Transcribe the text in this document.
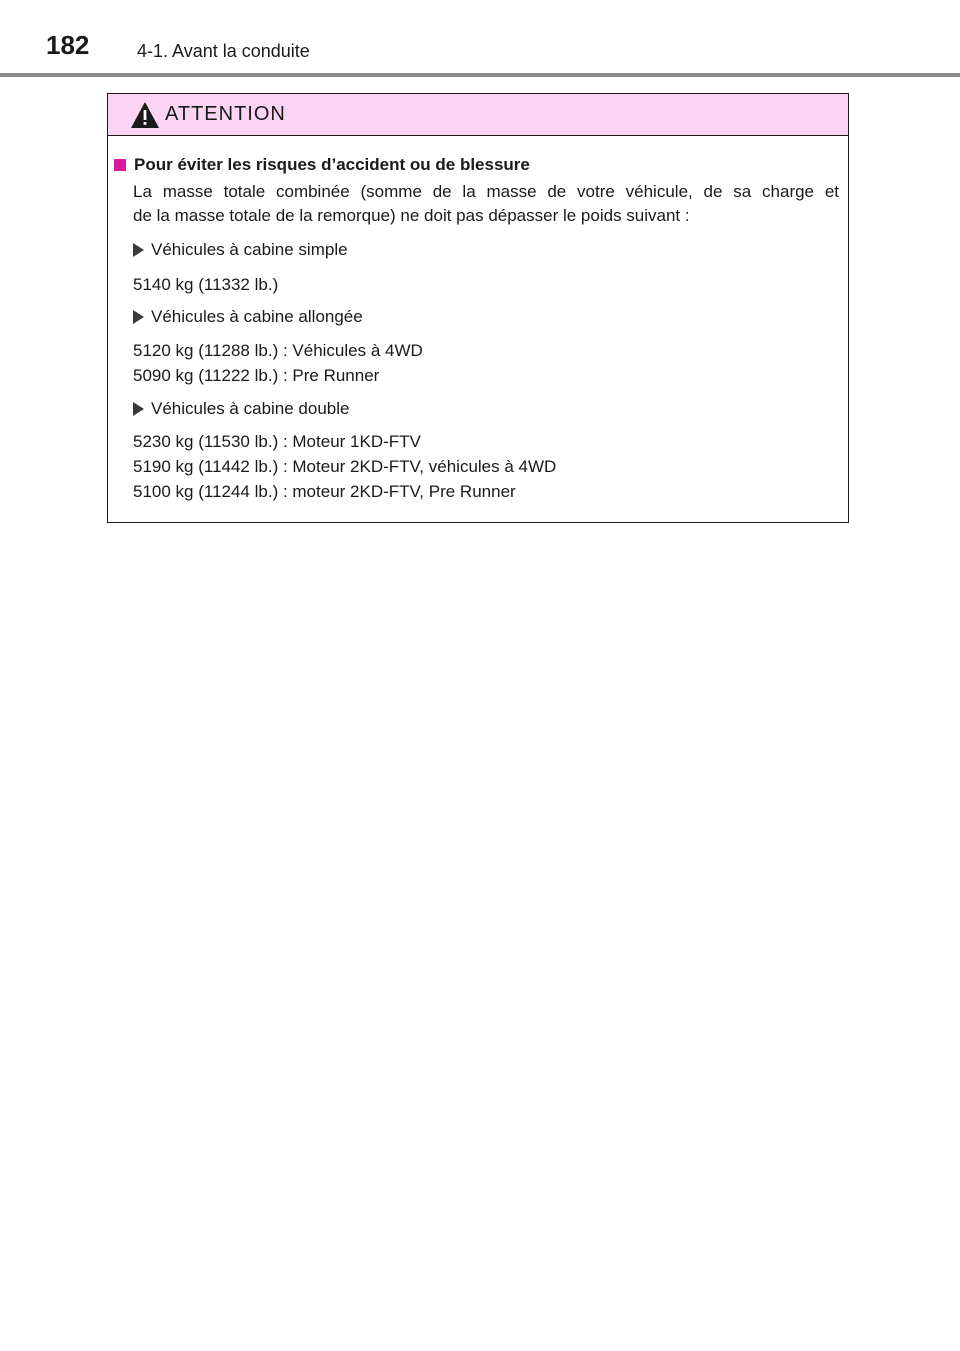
182	4-1. Avant la conduite
ATTENTION
Pour éviter les risques d’accident ou de blessure
La masse totale combinée (somme de la masse de votre véhicule, de sa charge et
de la masse totale de la remorque) ne doit pas dépasser le poids suivant :
Véhicules à cabine simple
5140 kg (11332 lb.)
Véhicules à cabine allongée
5120 kg (11288 lb.) : Véhicules à 4WD
5090 kg (11222 lb.) : Pre Runner
Véhicules à cabine double
5230 kg (11530 lb.) : Moteur 1KD-FTV
5190 kg (11442 lb.) : Moteur 2KD-FTV, véhicules à 4WD
5100 kg (11244 lb.) : moteur 2KD-FTV, Pre Runner
